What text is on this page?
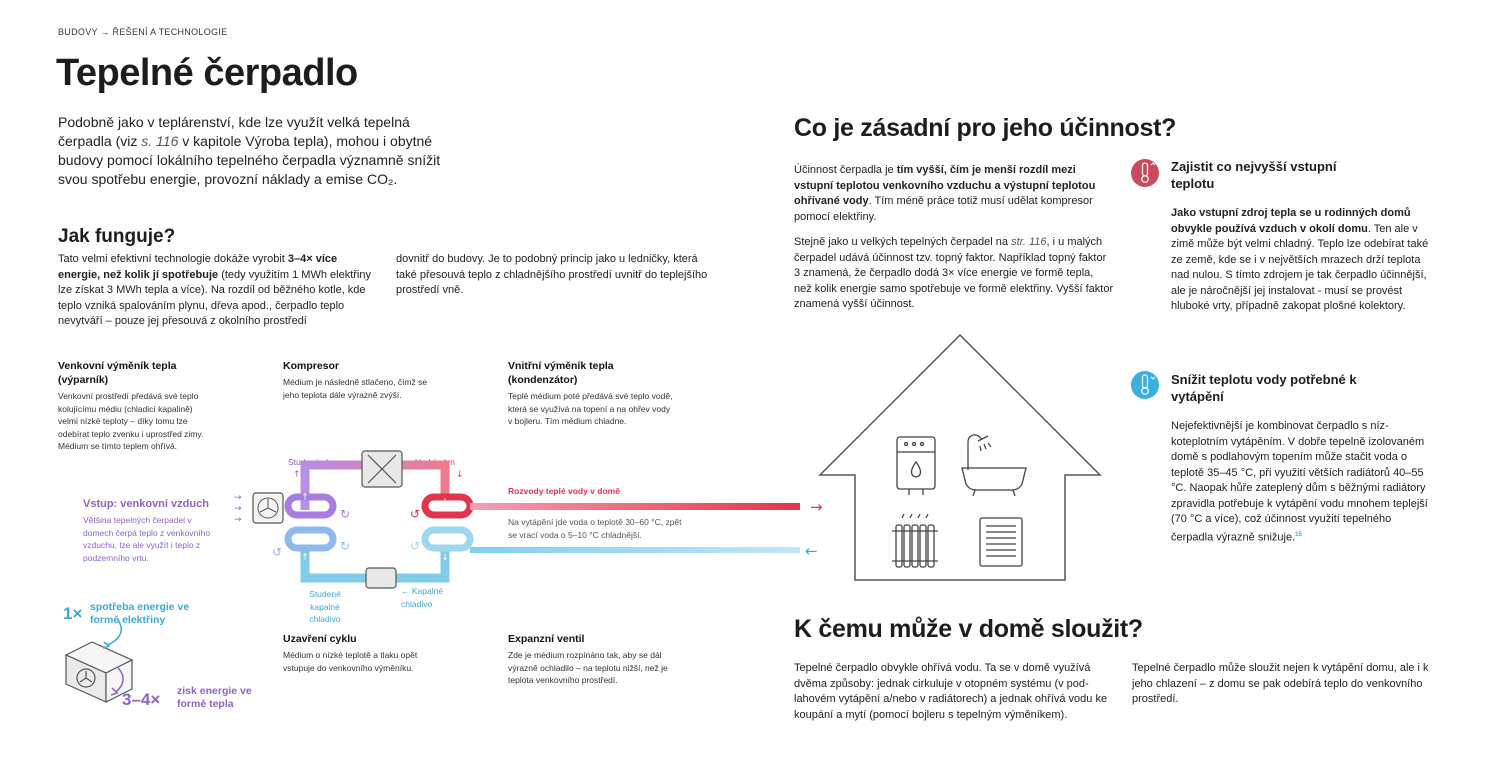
BUDOVY → ŘEŠENÍ A TECHNOLOGIE
Tepelné čerpadlo
Podobně jako v teplárenství, kde lze využít velká tepelná čerpadla (viz s. 116 v kapitole Výroba tepla), mohou i obytné budovy pomocí lokálního tepelného čerpadla významně snížit svou spotřebu energie, provozní náklady a emise CO₂.
Jak funguje?
Tato velmi efektivní technologie dokáže vyrobit 3–4× více energie, než kolik jí spotřebuje (tedy využitím 1 MWh elektřiny lze získat 3 MWh tepla a více). Na rozdíl od běžného kotle, kde teplo vzniká spalováním plynu, dřeva apod., čerpadlo teplo nevytváří – pouze jej přesouvá z okolního prostředí
dovnitř do budovy. Je to podobný princip jako u ledničky, která také přesouvá teplo z chladnějšího prostředí uvnitř do teplejšího prostředí vně.
Venkovní výměník tepla (výparník)
Venkovní prostředí předává své teplo kolujícímu médiu (chladicí kapalině) velmi nízké teploty – díky tomu lze odebírat teplo zvenku i uprostřed zimy. Médium se tímto teplem ohřívá.
Kompresor
Médium je následně stlačeno, čímž se jeho teplota dále výrazně zvýší.
Vnitřní výměník tepla (kondenzátor)
Teplé médium poté předává své teplo vodě, která se využívá na topení a na ohřev vody v bojleru. Tím médium chladne.
Vstup: venkovní vzduch
Většina tepelných čerpadel v domech čerpá teplo z venkovního vzduchu, lze ale využít i teplo z podzemního vrtu.
Studený plyn	→ Horký plyn
Rozvody teplé vody v domě
Na vytápění jde voda o teplotě 30–60 °C, zpět se vrací voda o 5–10 °C chladnější.
Studené kapalné chladivo
← Kapalné chladivo
Uzavření cyklu
Médium o nízké teplotě a tlaku opět vstupuje do venkovního výměníku.
Expanzní ventil
Zde je médium rozpínáno tak, aby se dál výrazně ochladilo – na teplotu nižší, než je teplota venkovního prostředí.
1× spotřeba energie ve formě elektřiny
3–4× zisk energie ve formě tepla
↑	↓
↓
↑
→
→
→	↻
↻
↺
↺
↺
↑	↓
→
←
Co je zásadní pro jeho účinnost?
Účinnost čerpadla je tím vyšší, čím je menší rozdíl mezi vstupní teplotou venkovního vzduchu a výstupní teplotou ohřívané vody. Tím méně práce totiž musí udělat kompresor pomocí elektřiny.
Stejně jako u velkých tepelných čerpadel na str. 116, i u malých čerpadel udává účinnost tzv. topný faktor. Například topný faktor 3 znamená, že čerpadlo dodá 3× více energie ve formě tepla, než kolik energie samo spotřebuje ve formě elektřiny. Vyšší faktor znamená vyšší účinnost.
Zajistit co nejvyšší vstupní teplotu
Jako vstupní zdroj tepla se u rodinných domů obvykle používá vzduch v okolí domu. Ten ale v zimě může být velmi chladný. Teplo lze odebírat také ze země, kde se i v největších mrazech drží teplota nad nulou. S tímto zdrojem je tak čerpadlo účinnější, ale je náročnější jej instalovat - musí se provést hluboké vrty, případně zakopat plošné kolektory.
Snížit teplotu vody potřebné k vytápění
Nejefektivnější je kombinovat čerpadlo s nízkoteplotním vytápěním. V dobře tepelně izolovaném domě s podlahovým topením může stačit voda o teplotě 35–45 °C, při využití větších radiátorů 40–55 °C. Naopak hůře zateplený dům s běžnými radiátory zpravidla potřebuje k vytápění vodu mnohem teplejší (70 °C a více), což účinnost využití tepelného čerpadla výrazně snižuje.$^{15}$
K čemu může v domě sloužit?
Tepelné čerpadlo obvykle ohřívá vodu. Ta se v domě využívá dvěma způsoby: jednak cirkuluje v otopném systému (v podlahovém vytápění a/nebo v radiátorech) a jednak ohřívá vodu ke koupání a mytí (pomocí bojleru s tepelným výměníkem).
Tepelné čerpadlo může sloužit nejen k vytápění domu, ale i k jeho chlazení – z domu se pak odebírá teplo do venkovního prostředí.
